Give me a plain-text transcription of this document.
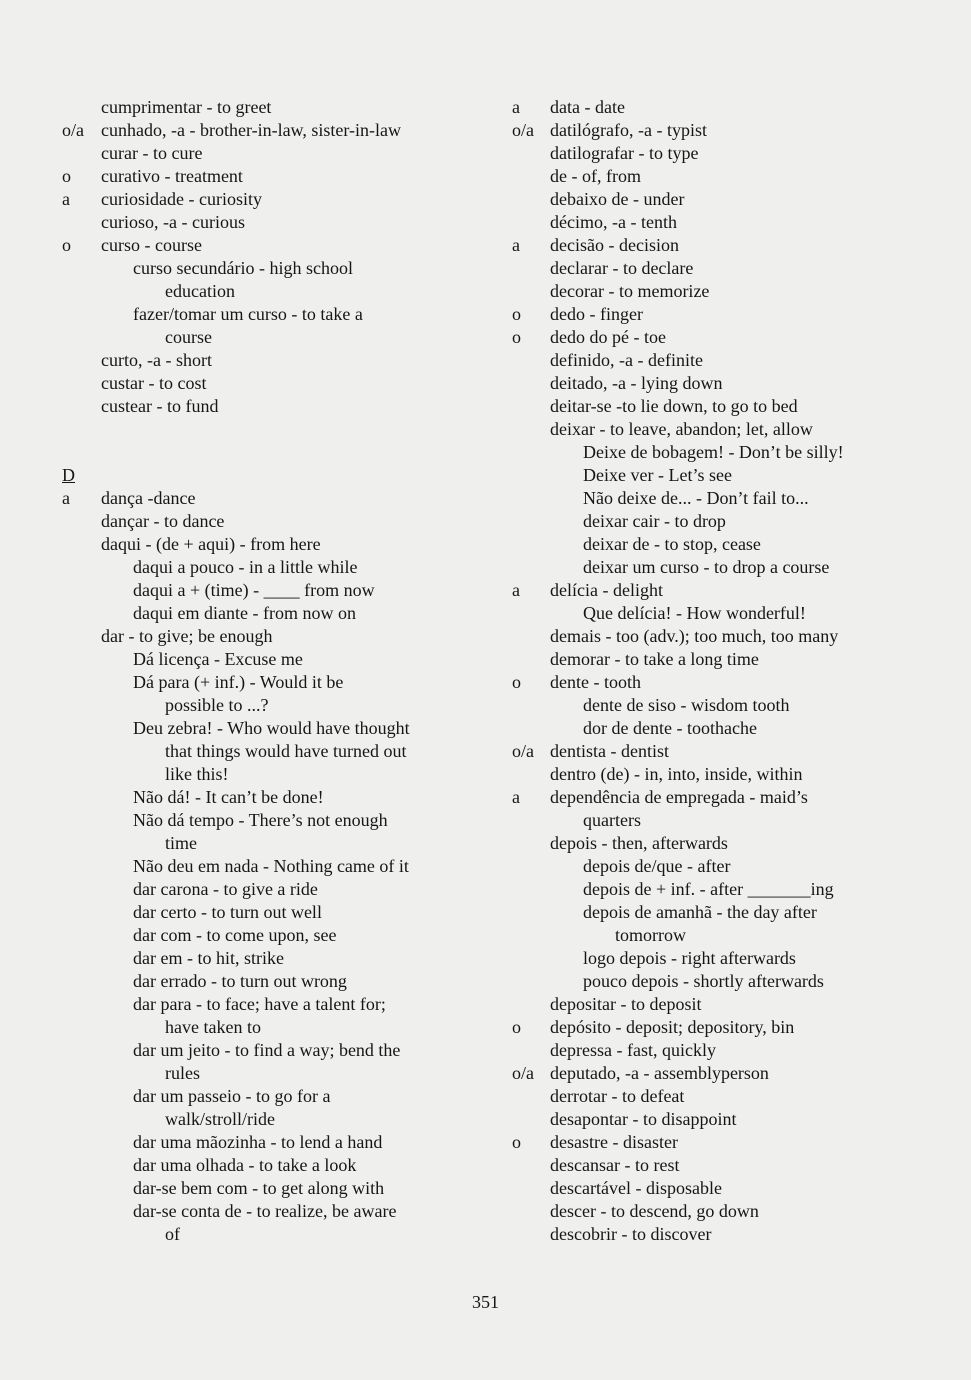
cumprimentar - to greet
o/a cunhado, -a - brother-in-law, sister-in-law
curar - to cure
o curativo - treatment
a curiosidade - curiosity
curioso, -a - curious
o curso - course
curso secundário - high school
education
fazer/tomar um curso - to take a
course
curto, -a - short
custar - to cost
custear - to fund
D
a dança -dance
dançar - to dance
daqui - (de + aqui) - from here
daqui a pouco - in a little while
daqui a + (time) - ____ from now
daqui em diante - from now on
dar - to give; be enough
Dá licença - Excuse me
Dá para (+ inf.) - Would it be
possible to ...?
Deu zebra! - Who would have thought
that things would have turned out
like this!
Não dá! - It can’t be done!
Não dá tempo - There’s not enough
time
Não deu em nada - Nothing came of it
dar carona - to give a ride
dar certo - to turn out well
dar com - to come upon, see
dar em - to hit, strike
dar errado - to turn out wrong
dar para - to face; have a talent for;
have taken to
dar um jeito - to find a way; bend the
rules
dar um passeio - to go for a
walk/stroll/ride
dar uma mãozinha - to lend a hand
dar uma olhada - to take a look
dar-se bem com - to get along with
dar-se conta de - to realize, be aware
of
a data - date
o/a datilógrafo, -a - typist
datilografar - to type
de - of, from
debaixo de - under
décimo, -a - tenth
a decisão - decision
declarar - to declare
decorar - to memorize
o dedo - finger
o dedo do pé - toe
definido, -a - definite
deitado, -a - lying down
deitar-se -to lie down, to go to bed
deixar - to leave, abandon; let, allow
Deixe de bobagem! - Don’t be silly!
Deixe ver - Let’s see
Não deixe de... - Don’t fail to...
deixar cair - to drop
deixar de - to stop, cease
deixar um curso - to drop a course
a delícia - delight
Que delícia! - How wonderful!
demais - too (adv.); too much, too many
demorar - to take a long time
o dente - tooth
dente de siso - wisdom tooth
dor de dente - toothache
o/a dentista - dentist
dentro (de) - in, into, inside, within
a dependência de empregada - maid’s
quarters
depois - then, afterwards
depois de/que - after
depois de + inf. - after _______ing
depois de amanhã - the day after
tomorrow
logo depois - right afterwards
pouco depois - shortly afterwards
depositar - to deposit
o depósito - deposit; depository, bin
depressa - fast, quickly
o/a deputado, -a - assemblyperson
derrotar - to defeat
desapontar - to disappoint
o desastre - disaster
descansar - to rest
descartável - disposable
descer - to descend, go down
descobrir - to discover
351
